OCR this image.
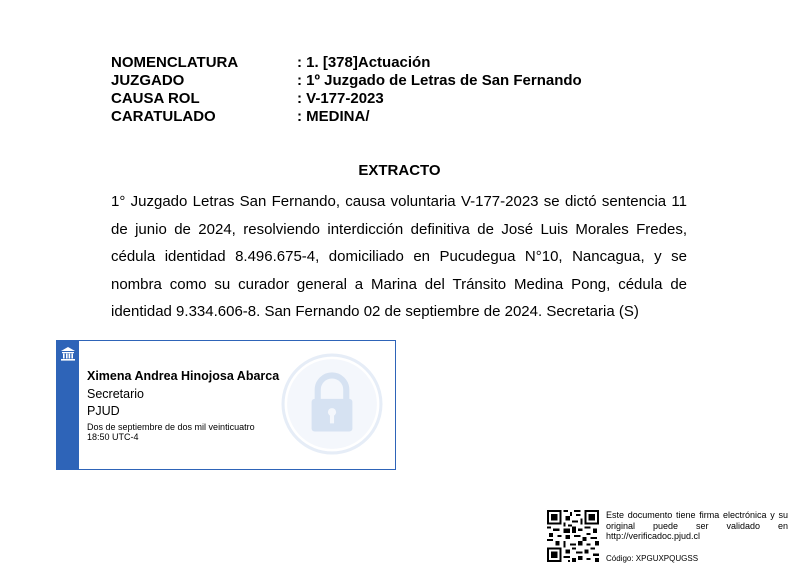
NOMENCLATURA	: 1. [378]Actuación
JUZGADO	: 1º Juzgado de Letras de San Fernando
CAUSA ROL	: V-177-2023
CARATULADO	: MEDINA/
EXTRACTO
1° Juzgado Letras San Fernando, causa voluntaria V-177-2023 se dictó sentencia 11 de junio de 2024, resolviendo interdicción definitiva de José Luis Morales Fredes, cédula identidad 8.496.675-4, domiciliado en Pucudegua N°10, Nancagua, y se nombra como su curador general a Marina del Tránsito Medina Pong, cédula de identidad 9.334.606-8. San Fernando 02 de septiembre de 2024. Secretaria (S)
Ximena Andrea Hinojosa Abarca
Secretario
PJUD
Dos de septiembre de dos mil veinticuatro
18:50 UTC-4
Este documento tiene firma electrónica y su original puede ser validado en http://verificadoc.pjud.cl
Código: XPGUXPQUGSS
